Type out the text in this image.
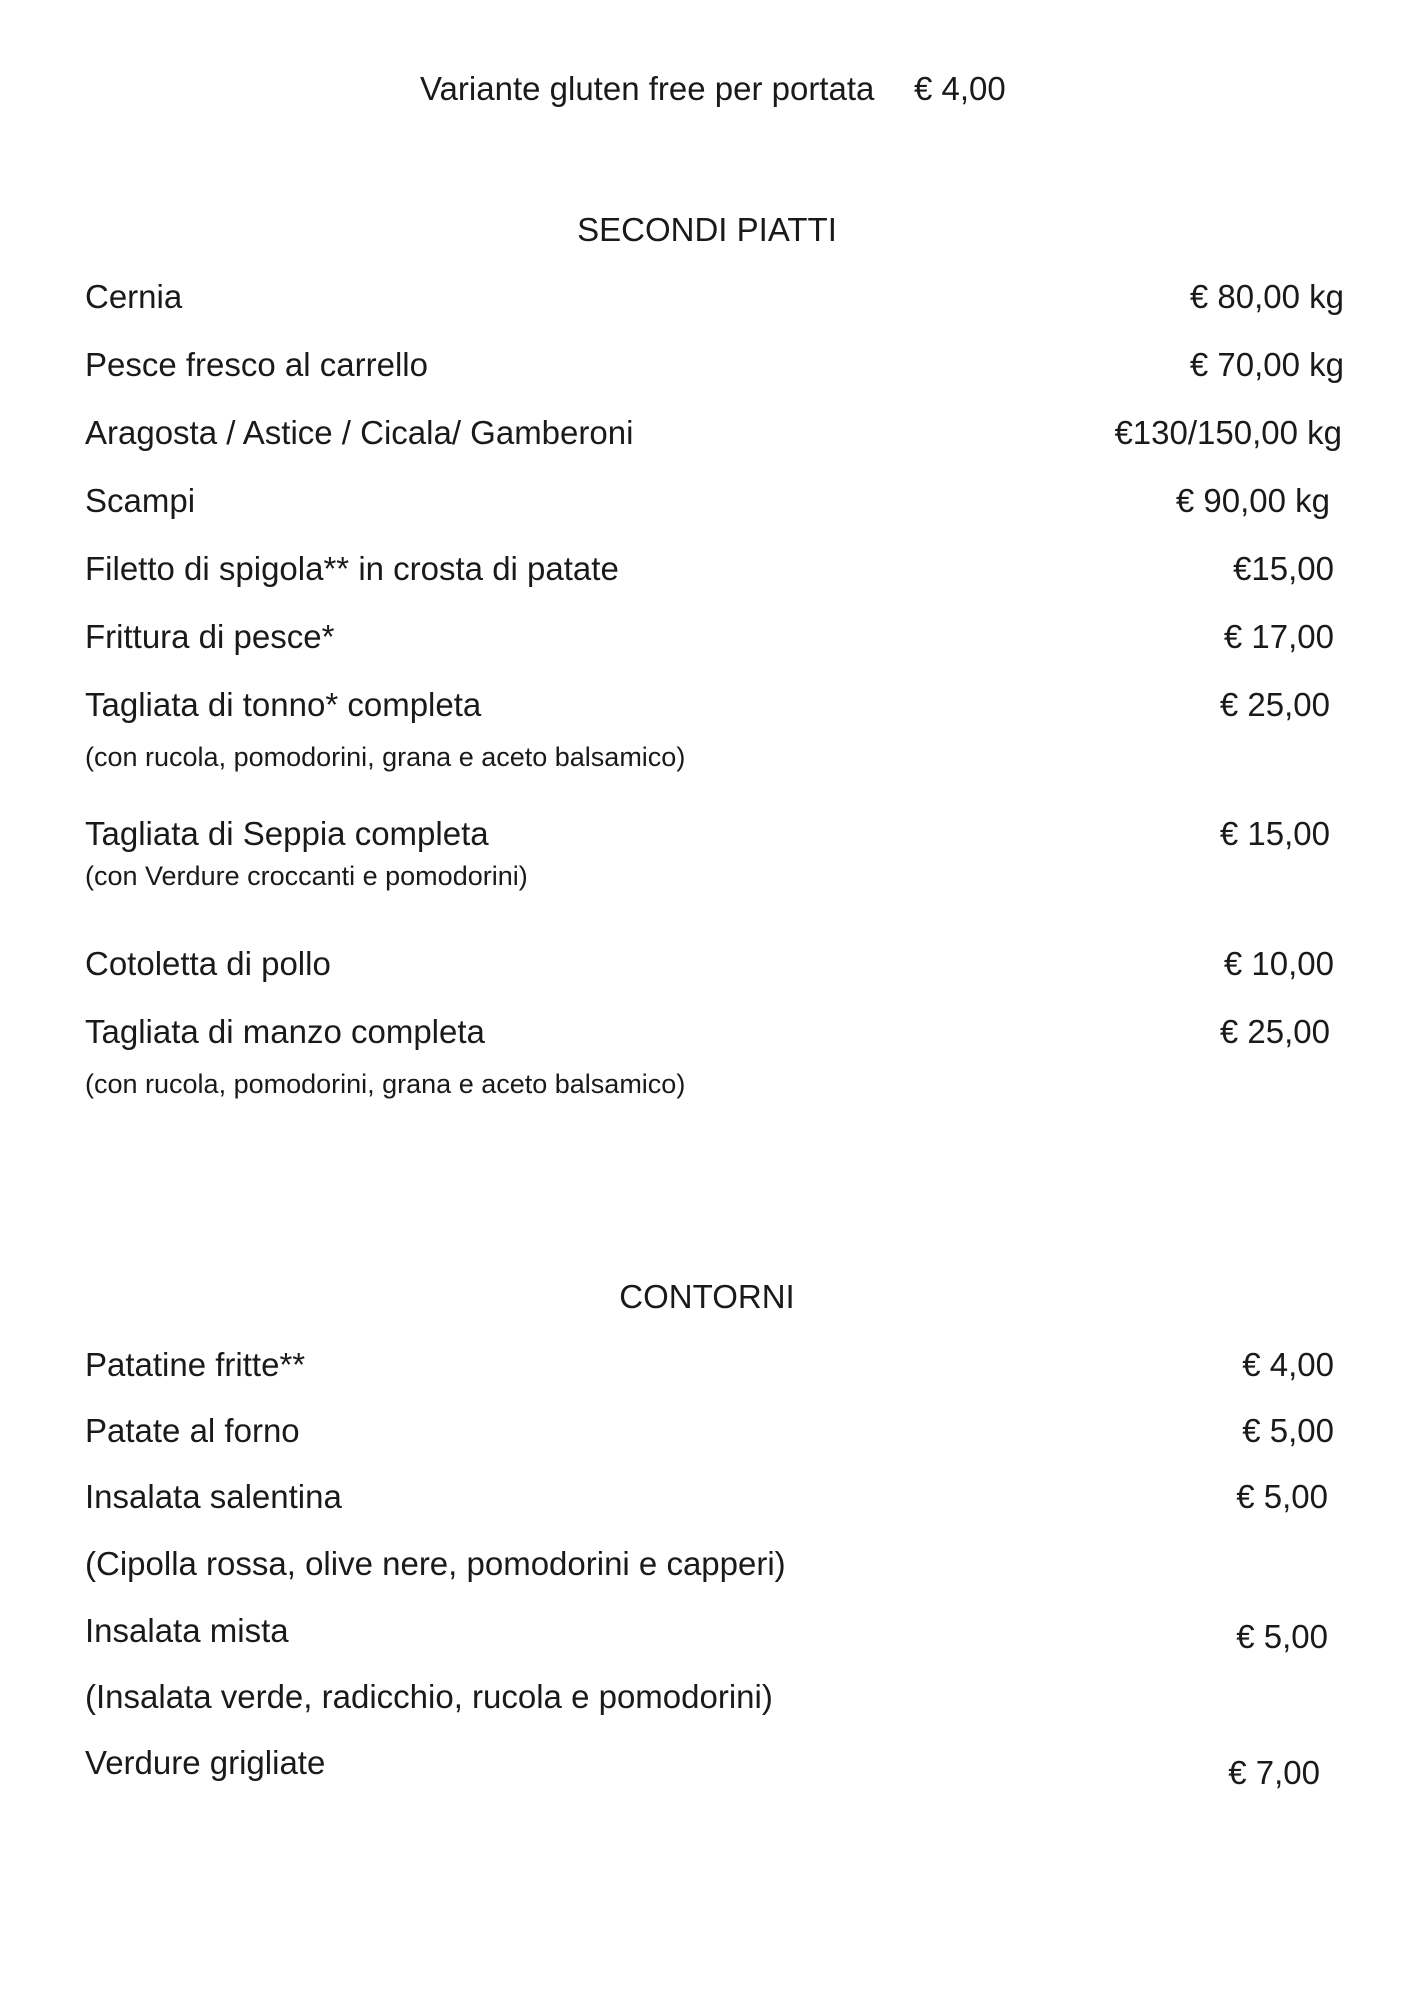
Variante gluten free per portata € 4,00
SECONDI PIATTI
Cernia	€ 80,00 kg
Pesce fresco al carrello	€ 70,00 kg
Aragosta / Astice / Cicala/ Gamberoni	€130/150,00 kg
Scampi	€ 90,00 kg
Filetto di spigola** in crosta di patate	€15,00
Frittura di pesce*	€ 17,00
Tagliata di tonno* completa	€ 25,00
(con rucola, pomodorini, grana e aceto balsamico)
Tagliata di Seppia completa	€ 15,00
(con Verdure croccanti e pomodorini)
Cotoletta di pollo	€ 10,00
Tagliata di manzo completa	€ 25,00
(con rucola, pomodorini, grana e aceto balsamico)
CONTORNI
Patatine fritte**	€ 4,00
Patate al forno	€ 5,00
Insalata salentina	€ 5,00
(Cipolla rossa, olive nere, pomodorini e capperi)
Insalata mista	€ 5,00
(Insalata verde, radicchio, rucola e pomodorini)
Verdure grigliate	€ 7,00
